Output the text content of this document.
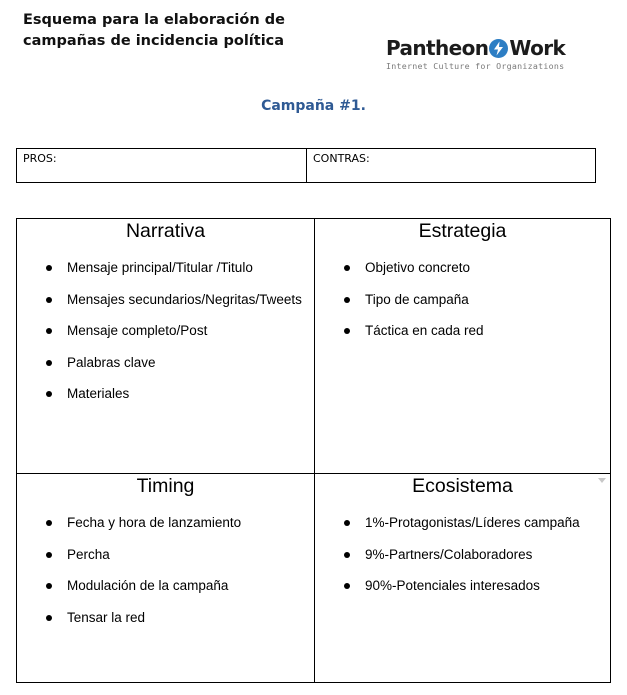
Esquema para la elaboración de
campañas de incidencia política	Pantheon Work
Internet Culture for Organizations
Campaña #1.
PROS:	CONTRAS:
Narrativa
Mensaje principal/Titular /Titulo
Mensajes secundarios/Negritas/Tweets
Mensaje completo/Post
Palabras clave
Materiales
Estrategia
Objetivo concreto
Tipo de campaña
Táctica en cada red
Timing
Fecha y hora de lanzamiento
Percha
Modulación de la campaña
Tensar la red
Ecosistema
1%-Protagonistas/Líderes campaña
9%-Partners/Colaboradores
90%-Potenciales interesados
